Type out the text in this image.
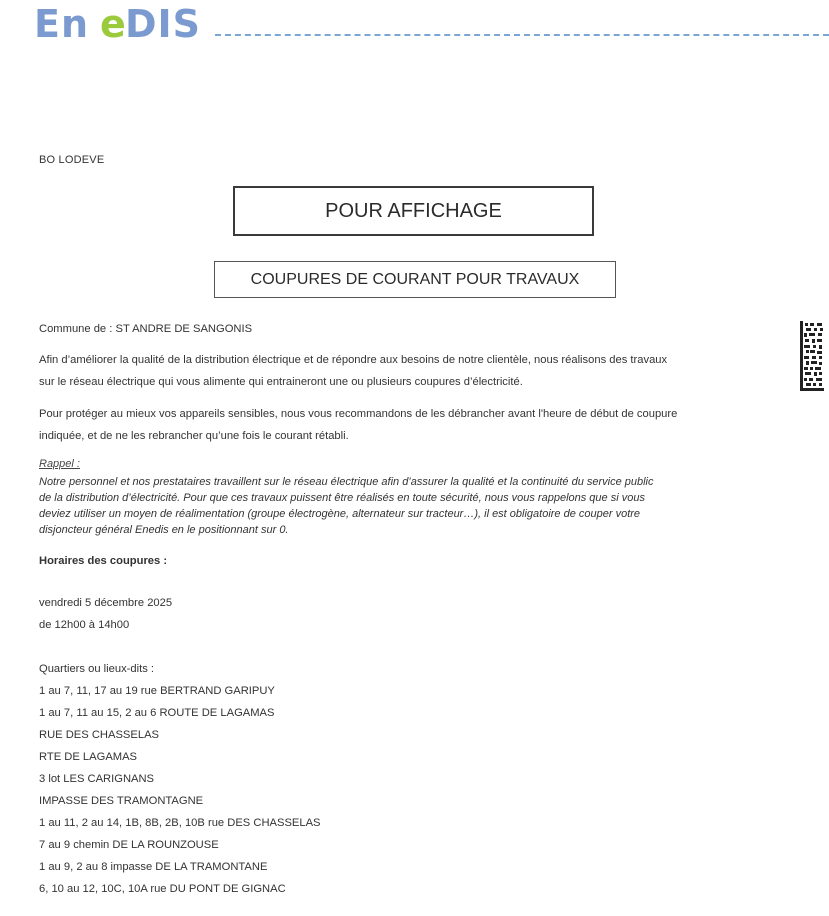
En e DIS
BO LODEVE
POUR AFFICHAGE
COUPURES DE COURANT POUR TRAVAUX
Commune de : ST ANDRE DE SANGONIS
Afin d’améliorer la qualité de la distribution électrique et de répondre aux besoins de notre clientèle, nous réalisons des travaux
sur le réseau électrique qui vous alimente qui entraineront une ou plusieurs coupures d’électricité.
Pour protéger au mieux vos appareils sensibles, nous vous recommandons de les débrancher avant l'heure de début de coupure
indiquée, et de ne les rebrancher qu’une fois le courant rétabli.
Rappel :
Notre personnel et nos prestataires travaillent sur le réseau électrique afin d’assurer la qualité et la continuité du service public
de la distribution d’électricité. Pour que ces travaux puissent être réalisés en toute sécurité, nous vous rappelons que si vous
deviez utiliser un moyen de réalimentation (groupe électrogène, alternateur sur tracteur…), il est obligatoire de couper votre
disjoncteur général Enedis en le positionnant sur 0.
Horaires des coupures :
vendredi 5 décembre 2025
de 12h00 à 14h00
Quartiers ou lieux-dits :
1 au 7, 11, 17 au 19 rue BERTRAND GARIPUY
1 au 7, 11 au 15, 2 au 6 ROUTE DE LAGAMAS
RUE DES CHASSELAS
RTE DE LAGAMAS
3 lot LES CARIGNANS
IMPASSE DES TRAMONTAGNE
1 au 11, 2 au 14, 1B, 8B, 2B, 10B rue DES CHASSELAS
7 au 9 chemin DE LA ROUNZOUSE
1 au 9, 2 au 8 impasse DE LA TRAMONTANE
6, 10 au 12, 10C, 10A rue DU PONT DE GIGNAC
